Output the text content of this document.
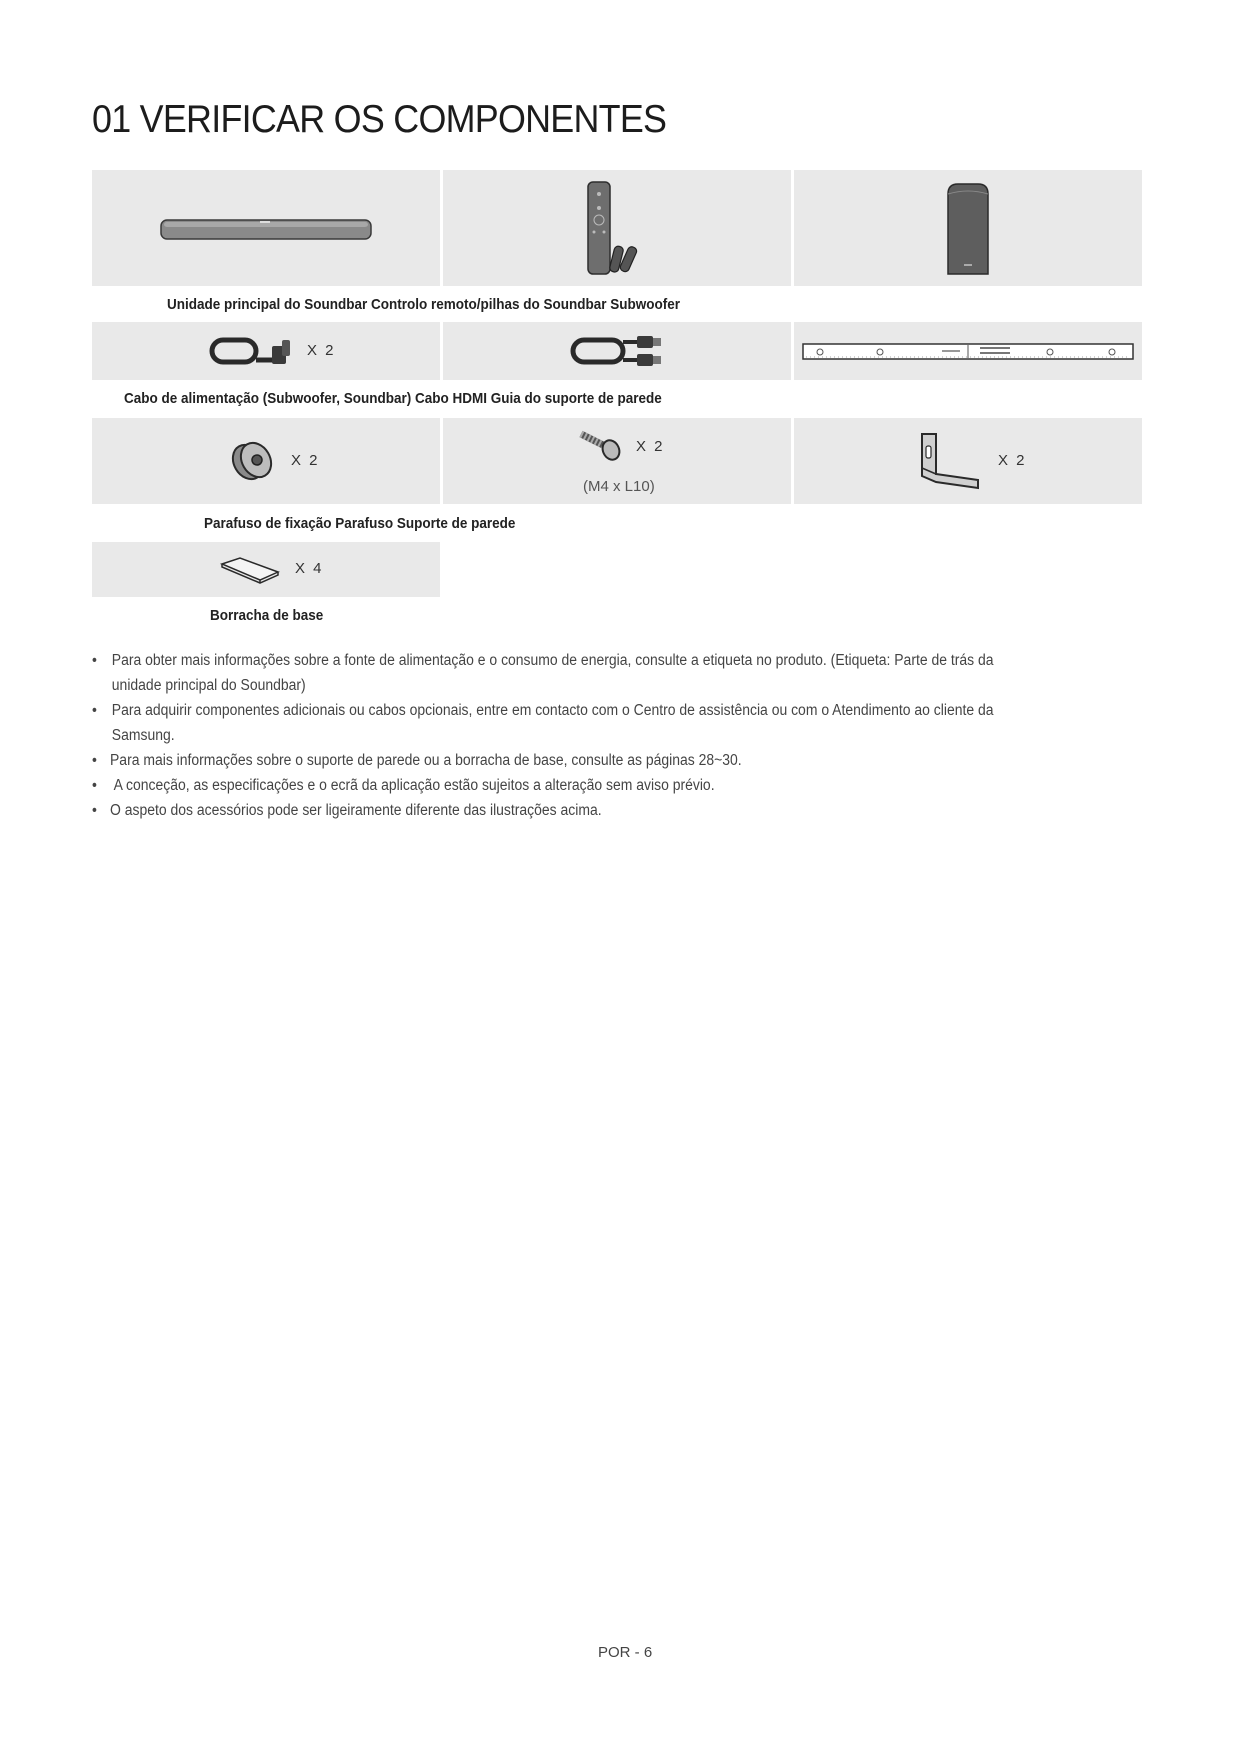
01 VERIFICAR OS COMPONENTES
Unidade principal do Soundbar Controlo remoto/pilhas do Soundbar Subwoofer
X 2
Cabo de alimentação (Subwoofer, Soundbar) Cabo HDMI Guia do suporte de parede
X 2
X 2
(M4 x L10)
X 2
Parafuso de fixação Parafuso Suporte de parede
X 4
Borracha de base
• Para obter mais informações sobre a fonte de alimentação e o consumo de energia, consulte a etiqueta no produto. (Etiqueta: Parte de trás da unidade principal do Soundbar)
• Para adquirir componentes adicionais ou cabos opcionais, entre em contacto com o Centro de assistência ou com o Atendimento ao cliente da Samsung.
• Para mais informações sobre o suporte de parede ou a borracha de base, consulte as páginas 28~30.
•	A conceção, as especificações e o ecrã da aplicação estão sujeitos a alteração sem aviso prévio.
• O aspeto dos acessórios pode ser ligeiramente diferente das ilustrações acima.
POR - 6
